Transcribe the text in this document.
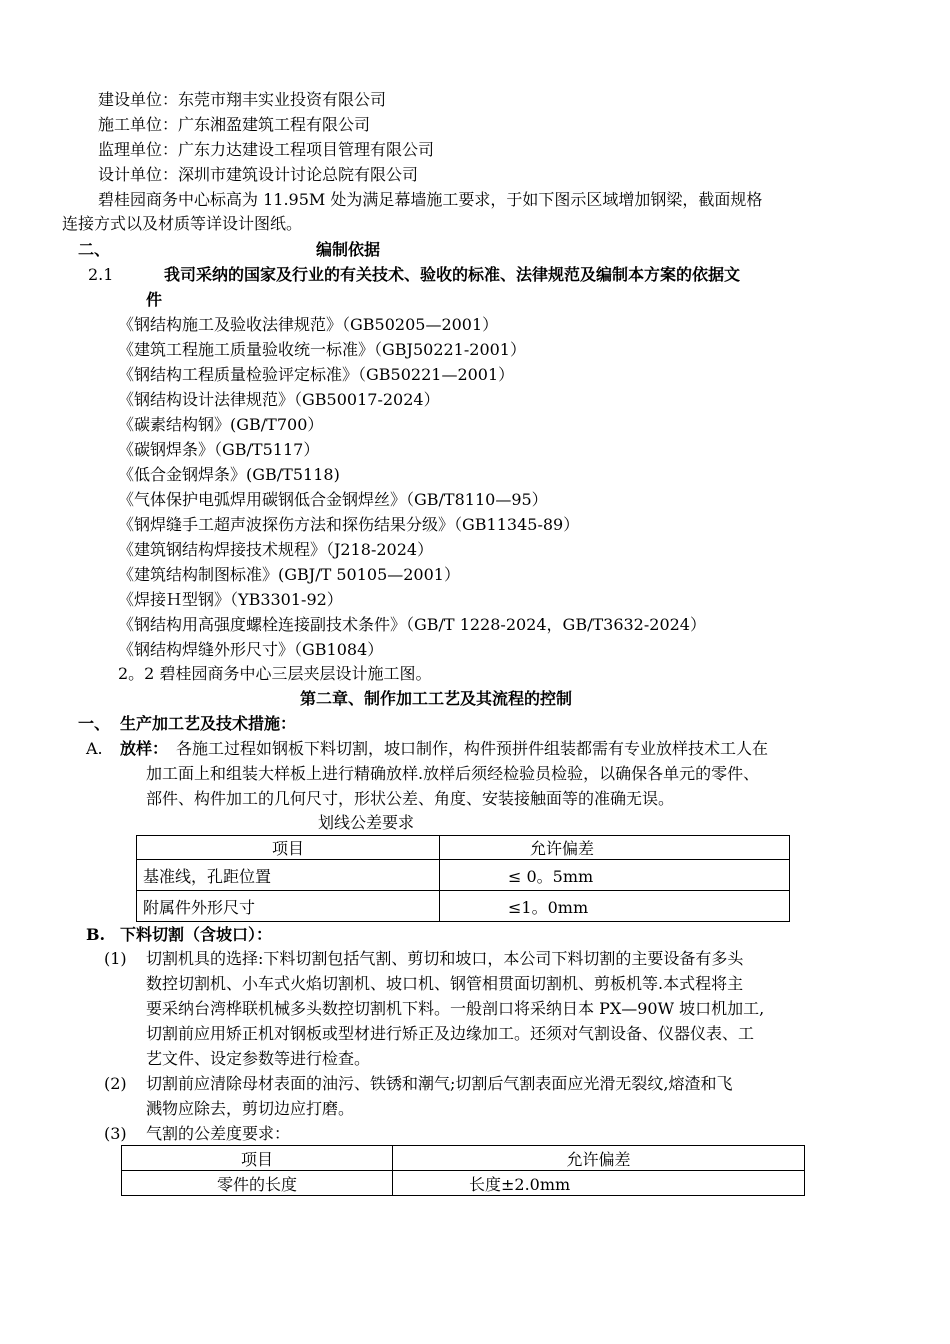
建设单位：东莞市翔丰实业投资有限公司
施工单位：广东湘盈建筑工程有限公司
监理单位：广东力达建设工程项目管理有限公司
设计单位：深圳市建筑设计讨论总院有限公司
碧桂园商务中心标高为 11.95M 处为满足幕墙施工要求，于如下图示区域增加钢梁，截面规格
连接方式以及材质等详设计图纸。
二、	编制依据
2.1	我司采纳的国家及行业的有关技术、验收的标准、法律规范及编制本方案的依据文
件
《钢结构施工及验收法律规范》（GB50205—2001）
《建筑工程施工质量验收统一标准》（GBJ50221-2001）
《钢结构工程质量检验评定标准》（GB50221—2001）
《钢结构设计法律规范》（GB50017-2024）
《碳素结构钢》(GB/T700）
《碳钢焊条》（GB/T5117）
《低合金钢焊条》(GB/T5118)
《气体保护电弧焊用碳钢低合金钢焊丝》（GB/T8110—95）
《钢焊缝手工超声波探伤方法和探伤结果分级》（GB11345-89）
《建筑钢结构焊接技术规程》（J218-2024）
《建筑结构制图标准》(GBJ/T 50105—2001）
《焊接Ｈ型钢》（YB3301-92）
《钢结构用高强度螺栓连接副技术条件》（GB/T 1228-2024，GB/T3632-2024）
《钢结构焊缝外形尺寸》（GB1084）
2。2 碧桂园商务中心三层夹层设计施工图。
第二章、制作加工工艺及其流程的控制
一、 生产加工艺及技术措施：
A. 放样： 各施工过程如钢板下料切割，坡口制作，构件预拼件组装都需有专业放样技术工人在
加工面上和组装大样板上进行精确放样.放样后须经检验员检验，以确保各单元的零件、
部件、构件加工的几何尺寸，形状公差、角度、安装接触面等的准确无误。
划线公差要求
项目	允许偏差
基准线，孔距位置	≤ 0。5mm
附属件外形尺寸	≤1。0mm
B. 下料切割（含坡口）：
(1) 切割机具的选择:下料切割包括气割、剪切和坡口，本公司下料切割的主要设备有多头
数控切割机、小车式火焰切割机、坡口机、钢管相贯面切割机、剪板机等.本式程将主
要采纳台湾桦联机械多头数控切割机下料。一般剖口将采纳日本 PX—90W 坡口机加工,
切割前应用矫正机对钢板或型材进行矫正及边缘加工。还须对气割设备、仪器仪表、工
艺文件、设定参数等进行检查。
(2) 切割前应清除母材表面的油污、铁锈和潮气;切割后气割表面应光滑无裂纹,熔渣和飞
溅物应除去，剪切边应打磨。
(3) 气割的公差度要求：
项目	允许偏差
零件的长度	长度±2.0mm
